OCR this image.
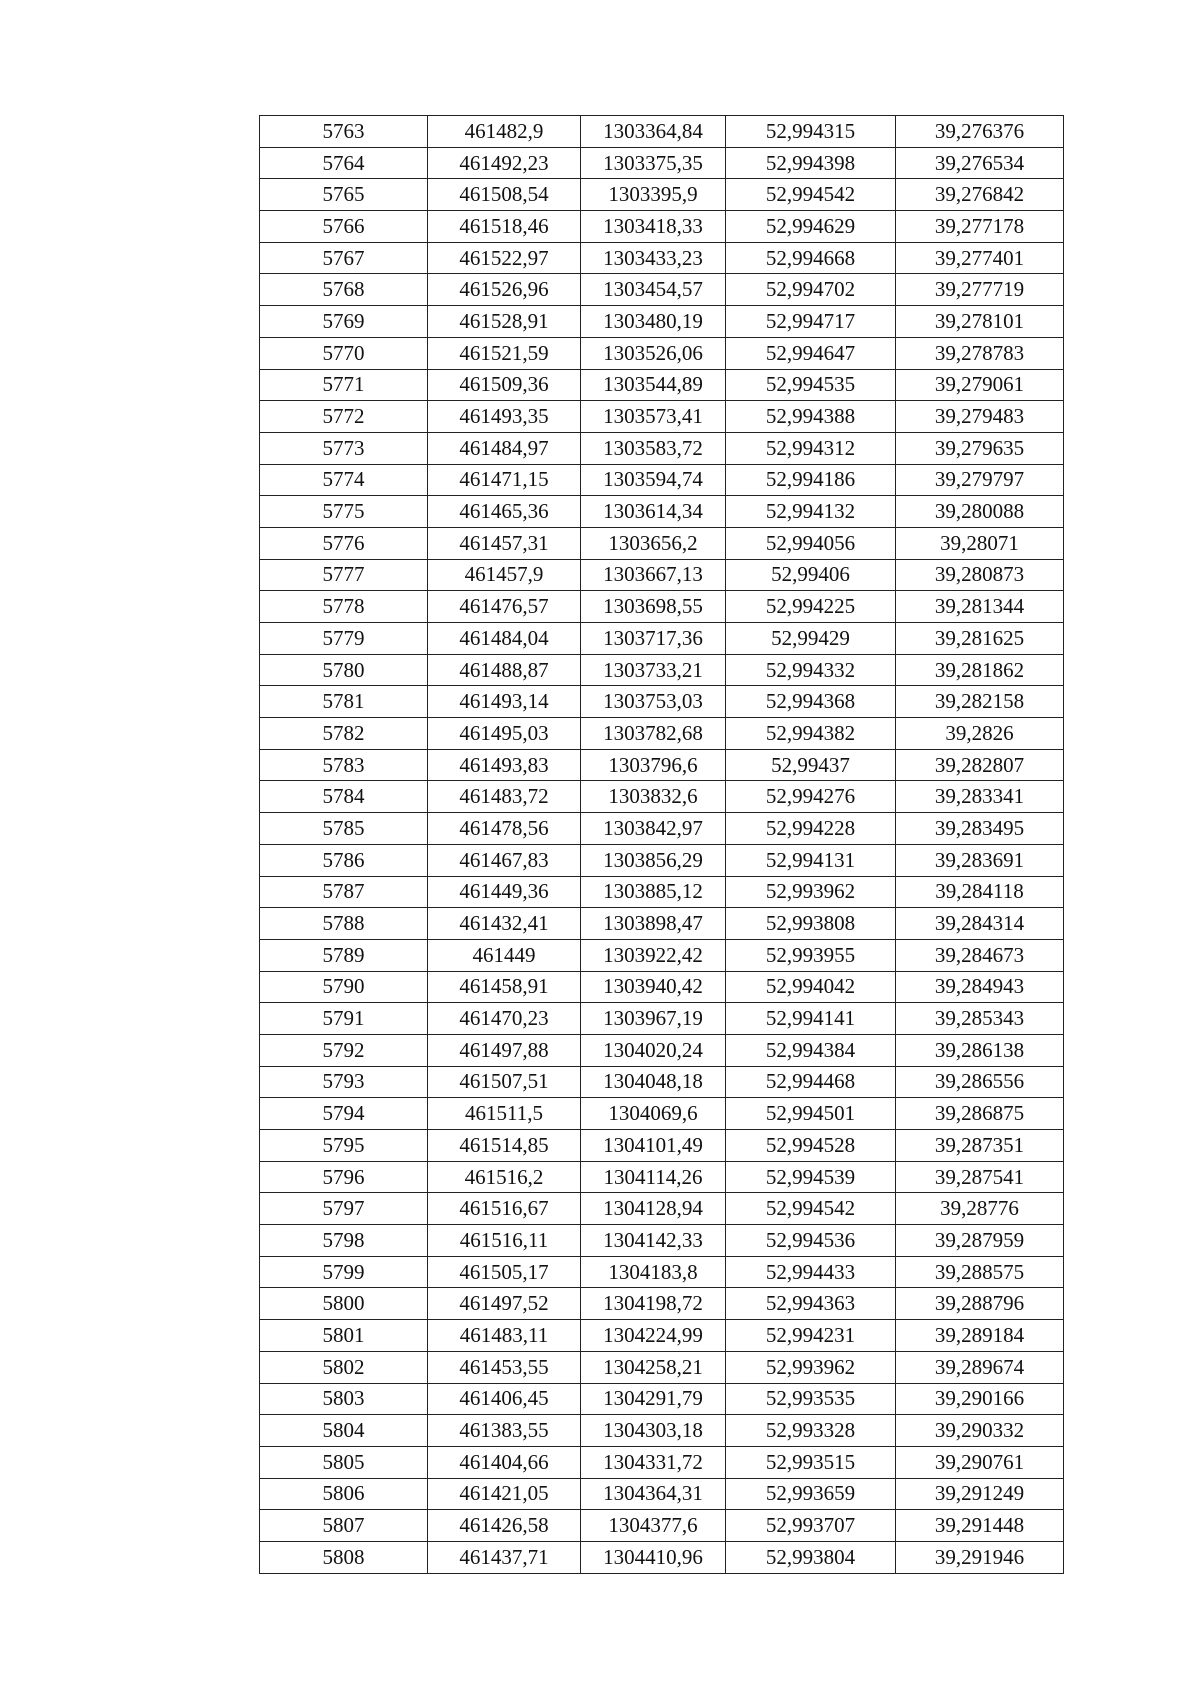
5763	461482,9	1303364,84	52,994315	39,276376
5764	461492,23	1303375,35	52,994398	39,276534
5765	461508,54	1303395,9	52,994542	39,276842
5766	461518,46	1303418,33	52,994629	39,277178
5767	461522,97	1303433,23	52,994668	39,277401
5768	461526,96	1303454,57	52,994702	39,277719
5769	461528,91	1303480,19	52,994717	39,278101
5770	461521,59	1303526,06	52,994647	39,278783
5771	461509,36	1303544,89	52,994535	39,279061
5772	461493,35	1303573,41	52,994388	39,279483
5773	461484,97	1303583,72	52,994312	39,279635
5774	461471,15	1303594,74	52,994186	39,279797
5775	461465,36	1303614,34	52,994132	39,280088
5776	461457,31	1303656,2	52,994056	39,28071
5777	461457,9	1303667,13	52,99406	39,280873
5778	461476,57	1303698,55	52,994225	39,281344
5779	461484,04	1303717,36	52,99429	39,281625
5780	461488,87	1303733,21	52,994332	39,281862
5781	461493,14	1303753,03	52,994368	39,282158
5782	461495,03	1303782,68	52,994382	39,2826
5783	461493,83	1303796,6	52,99437	39,282807
5784	461483,72	1303832,6	52,994276	39,283341
5785	461478,56	1303842,97	52,994228	39,283495
5786	461467,83	1303856,29	52,994131	39,283691
5787	461449,36	1303885,12	52,993962	39,284118
5788	461432,41	1303898,47	52,993808	39,284314
5789	461449	1303922,42	52,993955	39,284673
5790	461458,91	1303940,42	52,994042	39,284943
5791	461470,23	1303967,19	52,994141	39,285343
5792	461497,88	1304020,24	52,994384	39,286138
5793	461507,51	1304048,18	52,994468	39,286556
5794	461511,5	1304069,6	52,994501	39,286875
5795	461514,85	1304101,49	52,994528	39,287351
5796	461516,2	1304114,26	52,994539	39,287541
5797	461516,67	1304128,94	52,994542	39,28776
5798	461516,11	1304142,33	52,994536	39,287959
5799	461505,17	1304183,8	52,994433	39,288575
5800	461497,52	1304198,72	52,994363	39,288796
5801	461483,11	1304224,99	52,994231	39,289184
5802	461453,55	1304258,21	52,993962	39,289674
5803	461406,45	1304291,79	52,993535	39,290166
5804	461383,55	1304303,18	52,993328	39,290332
5805	461404,66	1304331,72	52,993515	39,290761
5806	461421,05	1304364,31	52,993659	39,291249
5807	461426,58	1304377,6	52,993707	39,291448
5808	461437,71	1304410,96	52,993804	39,291946
